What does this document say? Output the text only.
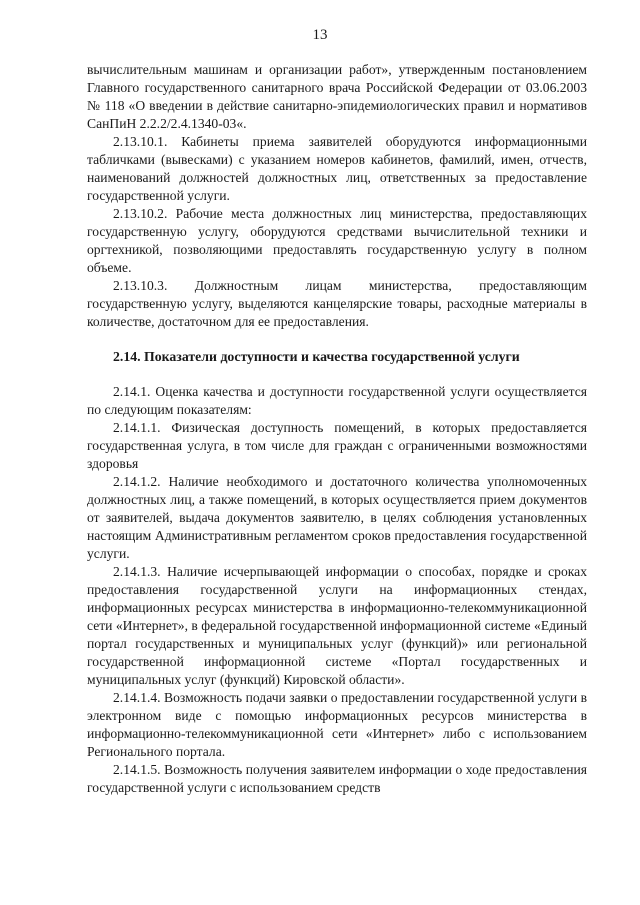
13

вычислительным машинам и организации работ», утвержденным постановлением Главного государственного санитарного врача Российской Федерации от 03.06.2003 № 118 «О введении в действие санитарно-эпидемиологических правил и нормативов СанПиН 2.2.2/2.4.1340-03«.

2.13.10.1. Кабинеты приема заявителей оборудуются информационными табличками (вывесками) с указанием номеров кабинетов, фамилий, имен, отчеств, наименований должностей должностных лиц, ответственных за предоставление государственной услуги.

2.13.10.2. Рабочие места должностных лиц министерства, предоставляющих государственную услугу, оборудуются средствами вычислительной техники и оргтехникой, позволяющими предоставлять государственную услугу в полном объеме.

2.13.10.3. Должностным лицам министерства, предоставляющим государственную услугу, выделяются канцелярские товары, расходные материалы в количестве, достаточном для ее предоставления.

2.14. Показатели доступности и качества государственной услуги

2.14.1. Оценка качества и доступности государственной услуги осуществляется по следующим показателям:

2.14.1.1. Физическая доступность помещений, в которых предоставляется государственная услуга, в том числе для граждан с ограниченными возможностями здоровья

2.14.1.2. Наличие необходимого и достаточного количества уполномоченных должностных лиц, а также помещений, в которых осуществляется прием документов от заявителей, выдача документов заявителю, в целях соблюдения установленных настоящим Административным регламентом сроков предоставления государственной услуги.

2.14.1.3. Наличие исчерпывающей информации о способах, порядке и сроках предоставления государственной услуги на информационных стендах, информационных ресурсах министерства в информационно-телекоммуникационной сети «Интернет», в федеральной государственной информационной системе «Единый портал государственных и муниципальных услуг (функций)» или региональной государственной информационной системе «Портал государственных и муниципальных услуг (функций) Кировской области».

2.14.1.4. Возможность подачи заявки о предоставлении государственной услуги в электронном виде с помощью информационных ресурсов министерства в информационно-телекоммуникационной сети «Интернет» либо с использованием Регионального портала.

2.14.1.5. Возможность получения заявителем информации о ходе предоставления государственной услуги с использованием средств
